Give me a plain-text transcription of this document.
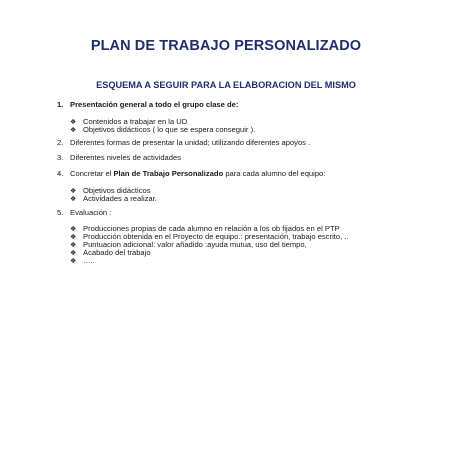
PLAN DE TRABAJO PERSONALIZADO
ESQUEMA A SEGUIR PARA LA ELABORACION DEL MISMO
1. Presentación general a todo el grupo clase de:
❖ Contenidos a trabajar en la UD
❖ Objetivos didácticos ( lo que se espera conseguir ).
2. Diferentes formas de presentar la unidad; utilizando diferentes apoyos .
3. Diferentes niveles de actividades
4. Concretar el Plan de Trabajo Personalizado para cada alumno del equipo:
❖ Objetivos didácticos
❖ Actividades a realizar.
5. Evaluación :
❖ Producciones propias de cada alumno en relación a los ob fijados en el PTP
❖ Producción obtenida en el Proyecto de equipo.: presentación, trabajo escrito, ..
❖ Puntuacion adicional: valor añadido :ayuda mutua, uso del tiempo,
❖ Acabado del trabajo
❖ …..
